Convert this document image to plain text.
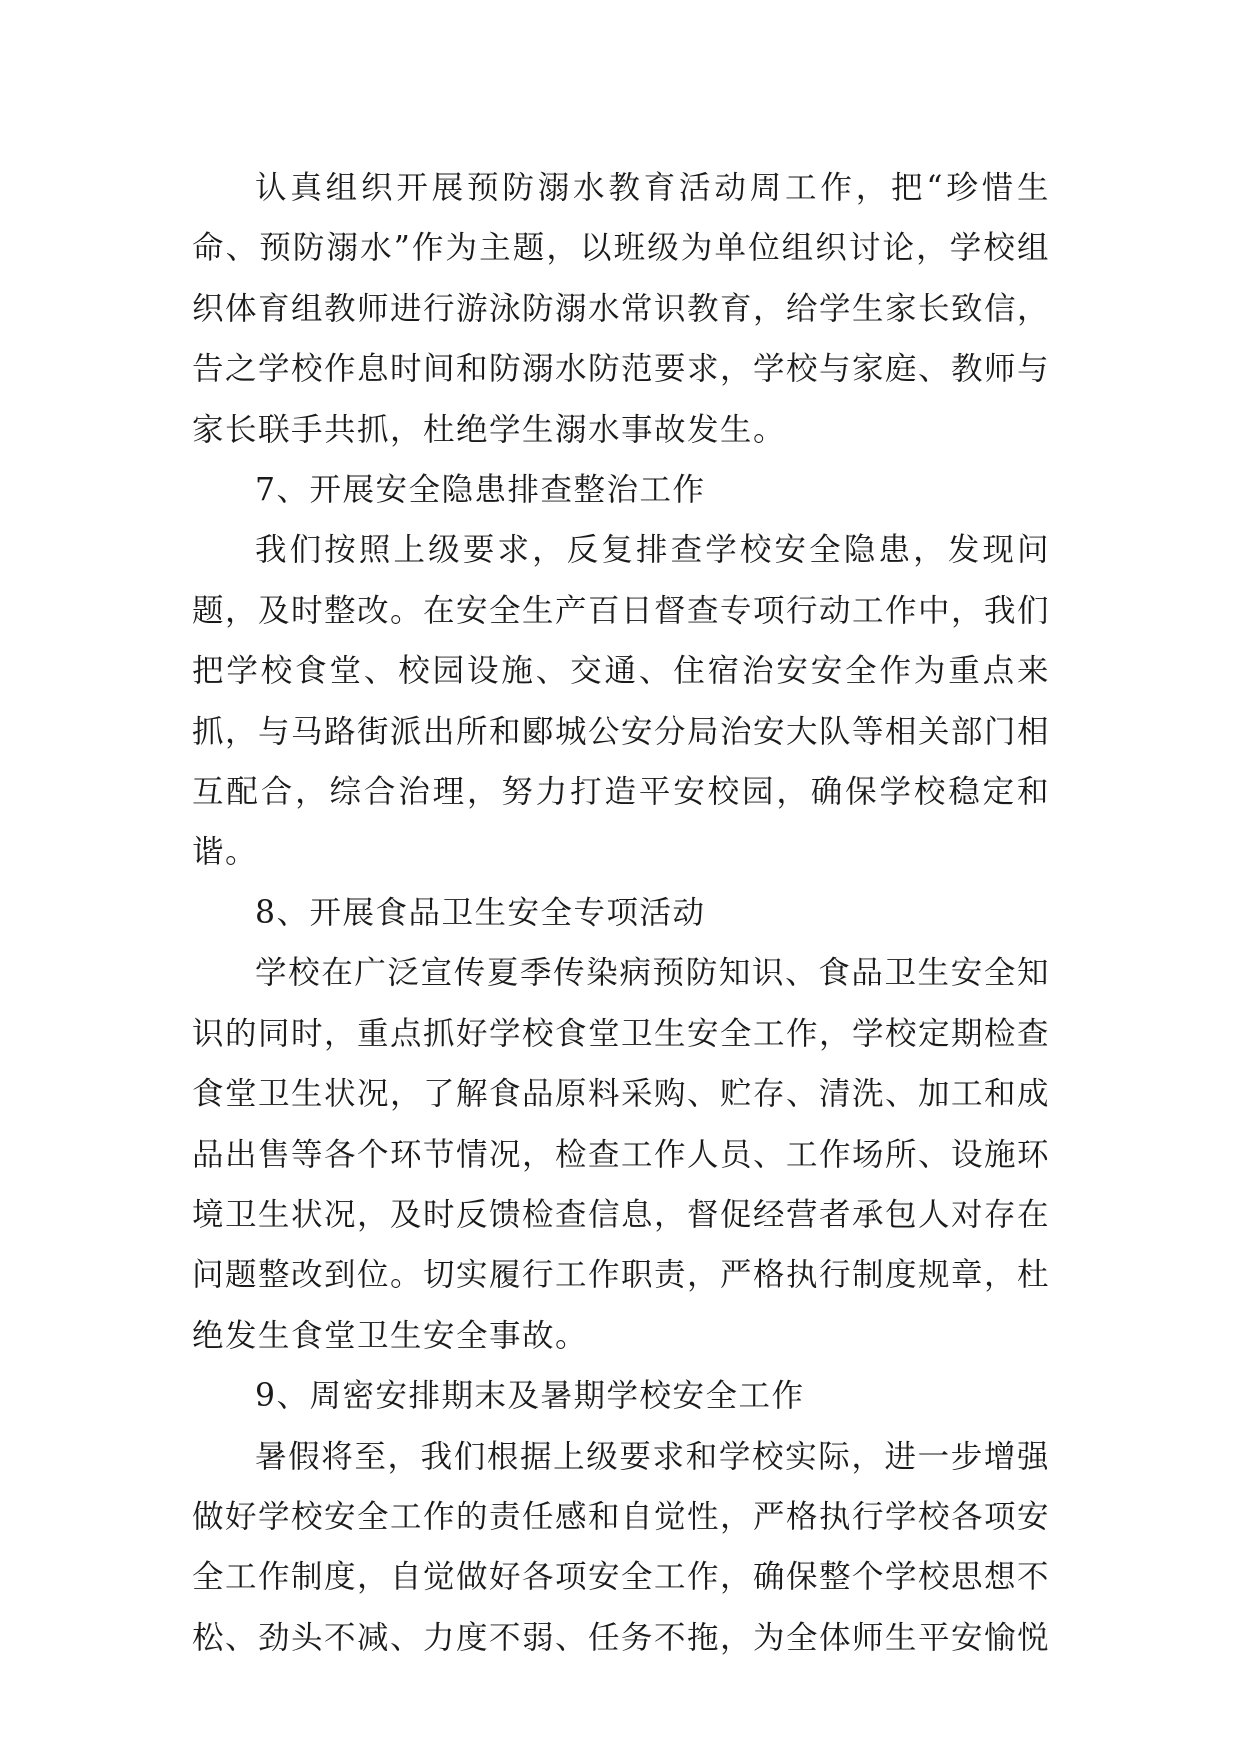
认真组织开展预防溺水教育活动周工作，把“珍惜生命、预防溺水”作为主题，以班级为单位组织讨论，学校组织体育组教师进行游泳防溺水常识教育，给学生家长致信，告之学校作息时间和防溺水防范要求，学校与家庭、教师与家长联手共抓，杜绝学生溺水事故发生。

7、开展安全隐患排查整治工作

我们按照上级要求，反复排查学校安全隐患，发现问题，及时整改。在安全生产百日督查专项行动工作中，我们把学校食堂、校园设施、交通、住宿治安安全作为重点来抓，与马路街派出所和郾城公安分局治安大队等相关部门相互配合，综合治理，努力打造平安校园，确保学校稳定和谐。

8、开展食品卫生安全专项活动

学校在广泛宣传夏季传染病预防知识、食品卫生安全知识的同时，重点抓好学校食堂卫生安全工作，学校定期检查食堂卫生状况，了解食品原料采购、贮存、清洗、加工和成品出售等各个环节情况，检查工作人员、工作场所、设施环境卫生状况，及时反馈检查信息，督促经营者承包人对存在问题整改到位。切实履行工作职责，严格执行制度规章，杜绝发生食堂卫生安全事故。

9、周密安排期末及暑期学校安全工作

暑假将至，我们根据上级要求和学校实际，进一步增强做好学校安全工作的责任感和自觉性，严格执行学校各项安全工作制度，自觉做好各项安全工作，确保整个学校思想不松、劲头不减、力度不弱、任务不拖，为全体师生平安愉悦
